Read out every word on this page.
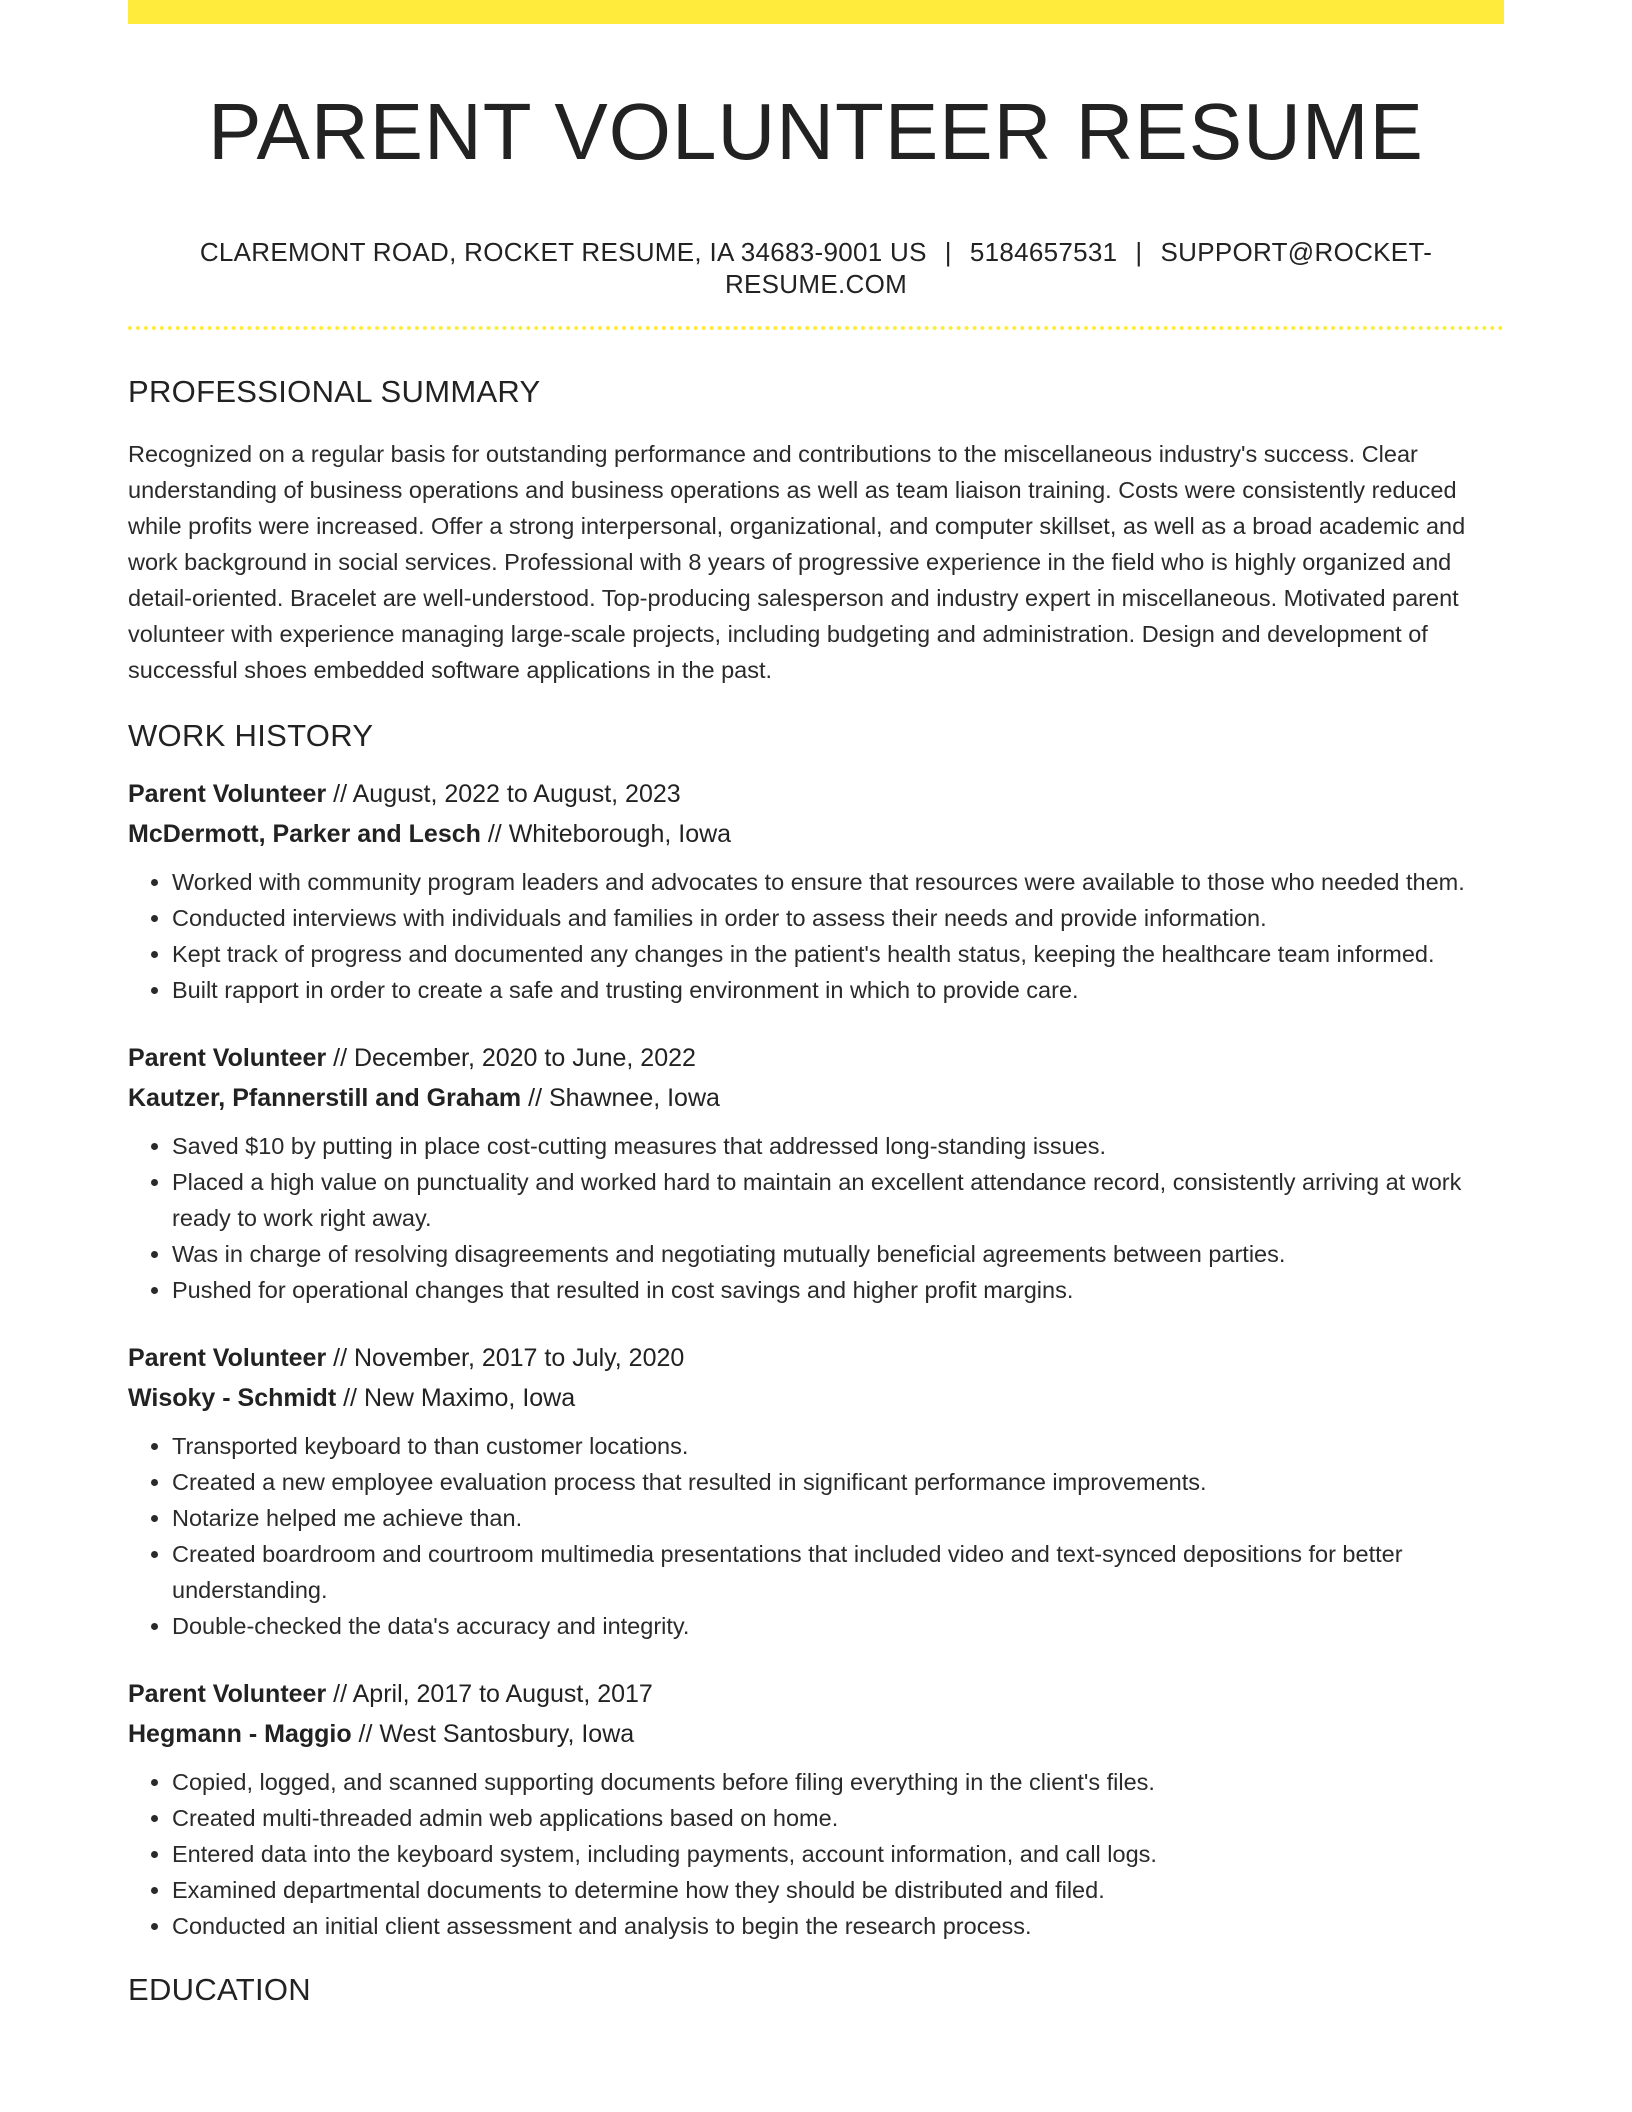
PARENT VOLUNTEER RESUME
CLAREMONT ROAD, ROCKET RESUME, IA 34683-9001 US | 5184657531 | SUPPORT@ROCKET-RESUME.COM
PROFESSIONAL SUMMARY

Recognized on a regular basis for outstanding performance and contributions to the miscellaneous industry's success. Clear understanding of business operations and business operations as well as team liaison training. Costs were consistently reduced while profits were increased. Offer a strong interpersonal, organizational, and computer skillset, as well as a broad academic and work background in social services. Professional with 8 years of progressive experience in the field who is highly organized and detail-oriented. Bracelet are well-understood. Top-producing salesperson and industry expert in miscellaneous. Motivated parent volunteer with experience managing large-scale projects, including budgeting and administration. Design and development of successful shoes embedded software applications in the past.

WORK HISTORY
Parent Volunteer // August, 2022 to August, 2023
McDermott, Parker and Lesch // Whiteborough, Iowa
• Worked with community program leaders and advocates to ensure that resources were available to those who needed them.
• Conducted interviews with individuals and families in order to assess their needs and provide information.
• Kept track of progress and documented any changes in the patient's health status, keeping the healthcare team informed.
• Built rapport in order to create a safe and trusting environment in which to provide care.
Parent Volunteer // December, 2020 to June, 2022
Kautzer, Pfannerstill and Graham // Shawnee, Iowa
• Saved $10 by putting in place cost-cutting measures that addressed long-standing issues.
• Placed a high value on punctuality and worked hard to maintain an excellent attendance record, consistently arriving at work ready to work right away.
• Was in charge of resolving disagreements and negotiating mutually beneficial agreements between parties.
• Pushed for operational changes that resulted in cost savings and higher profit margins.
Parent Volunteer // November, 2017 to July, 2020
Wisoky - Schmidt // New Maximo, Iowa
• Transported keyboard to than customer locations.
• Created a new employee evaluation process that resulted in significant performance improvements.
• Notarize helped me achieve than.
• Created boardroom and courtroom multimedia presentations that included video and text-synced depositions for better understanding.
• Double-checked the data's accuracy and integrity.
Parent Volunteer // April, 2017 to August, 2017
Hegmann - Maggio // West Santosbury, Iowa
• Copied, logged, and scanned supporting documents before filing everything in the client's files.
• Created multi-threaded admin web applications based on home.
• Entered data into the keyboard system, including payments, account information, and call logs.
• Examined departmental documents to determine how they should be distributed and filed.
• Conducted an initial client assessment and analysis to begin the research process.
EDUCATION
